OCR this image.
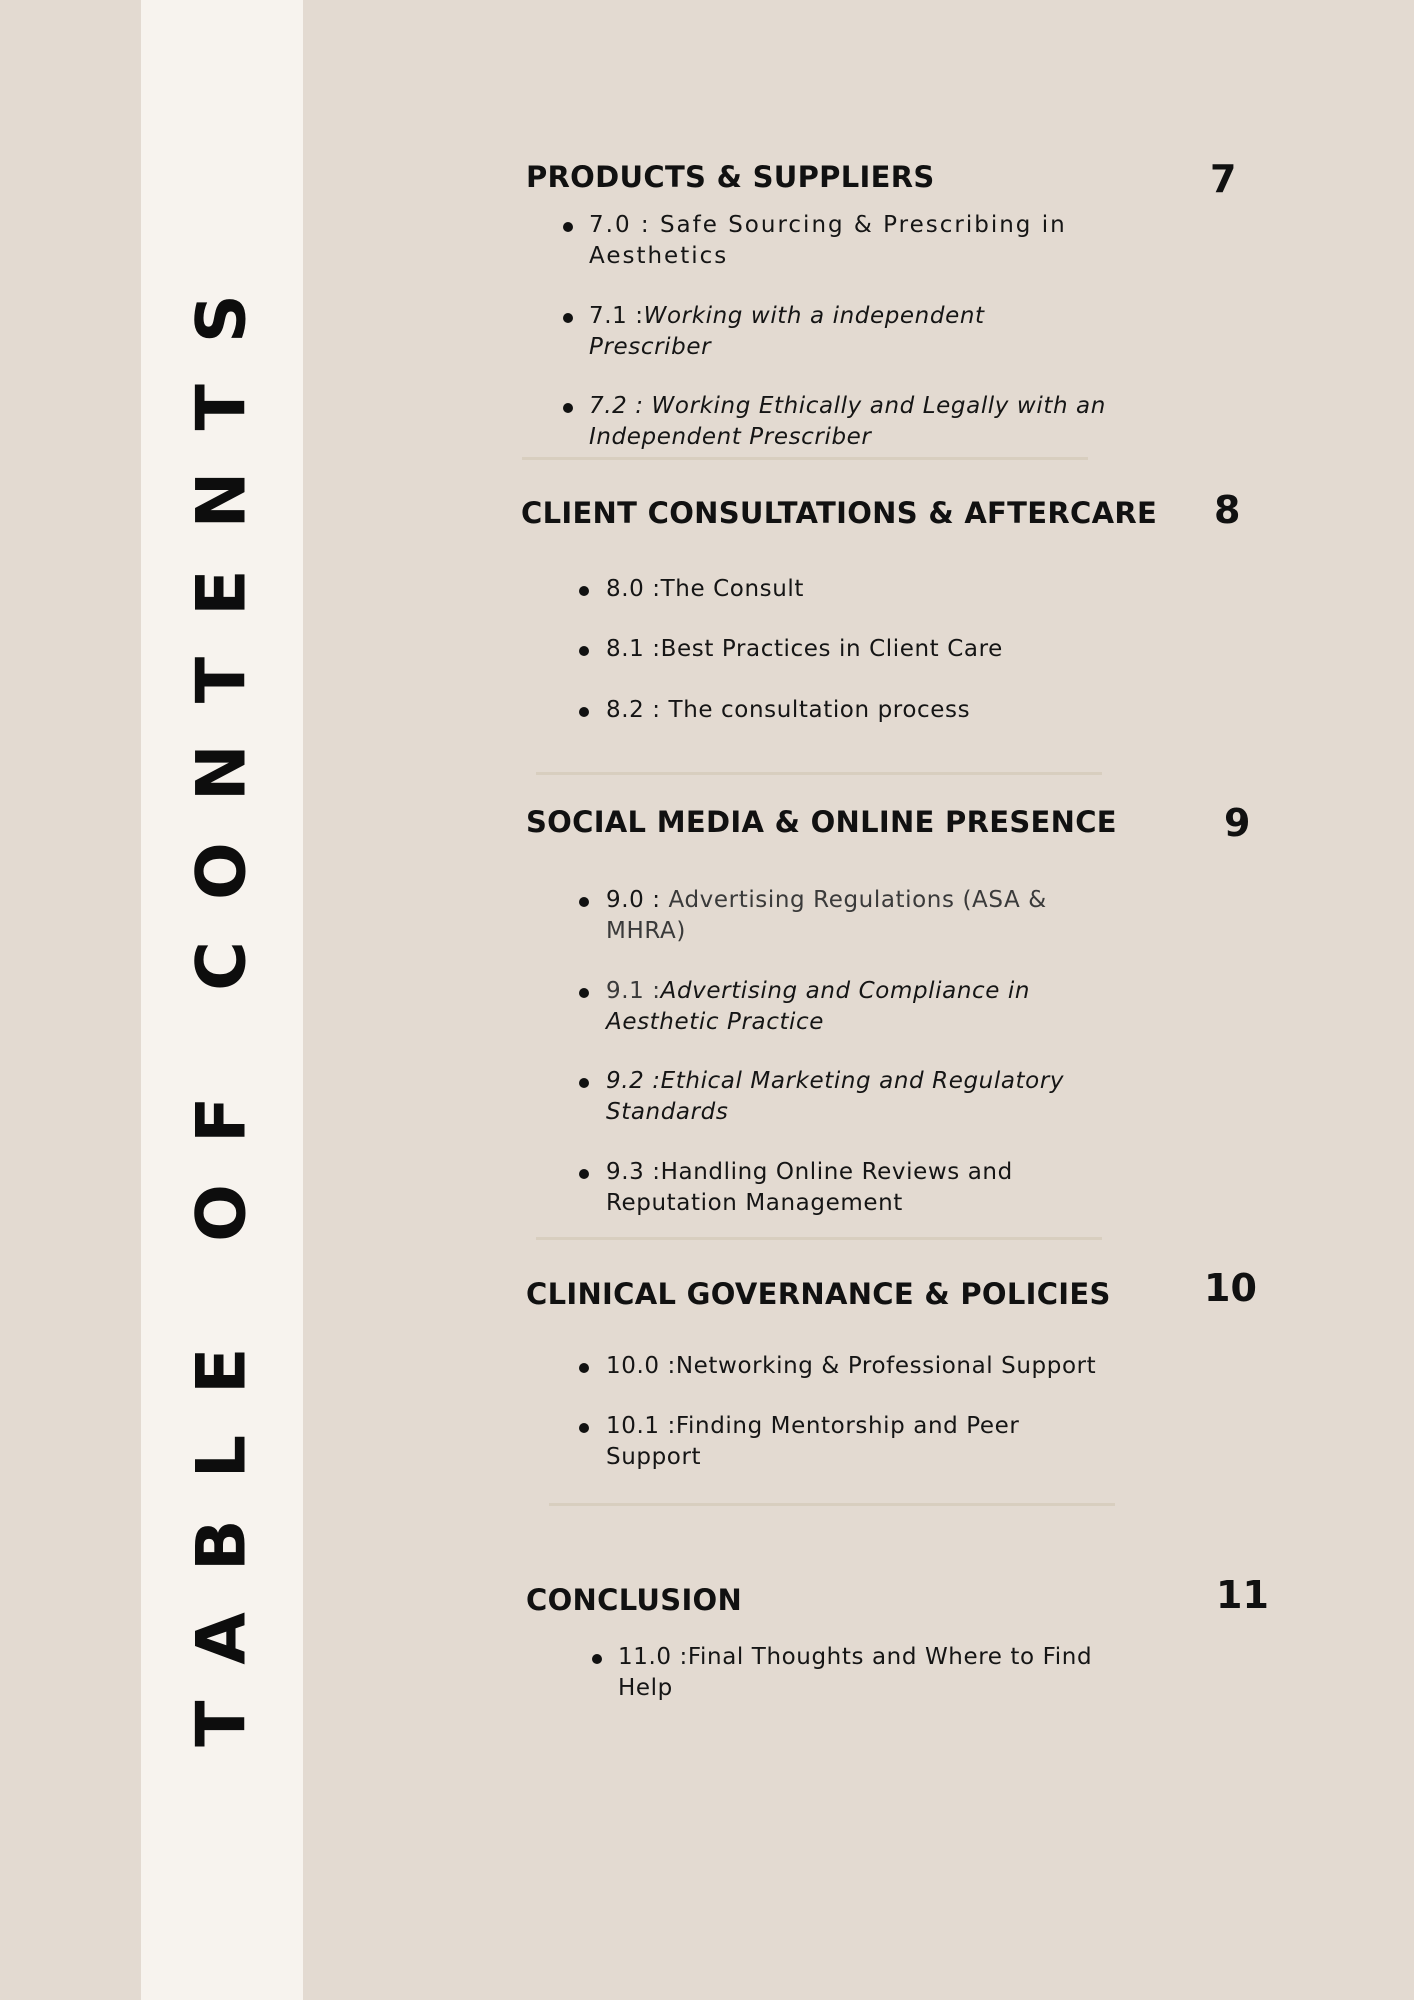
TABLE OF CONTENTS
PRODUCTS & SUPPLIERS	7
7.0 : Safe Sourcing & Prescribing in Aesthetics
7.1 :Working with a independent Prescriber
7.2 : Working Ethically and Legally with an Independent Prescriber
CLIENT CONSULTATIONS & AFTERCARE 8
8.0 :The Consult
8.1 :Best Practices in Client Care
8.2 : The consultation process
SOCIAL MEDIA & ONLINE PRESENCE	9
9.0 : Advertising Regulations (ASA & MHRA)
9.1 :Advertising and Compliance in Aesthetic Practice
9.2 :Ethical Marketing and Regulatory Standards
9.3 :Handling Online Reviews and Reputation Management
CLINICAL GOVERNANCE & POLICIES 10
10.0 :Networking & Professional Support
10.1 :Finding Mentorship and Peer Support
CONCLUSION	11
11.0 :Final Thoughts and Where to Find Help
